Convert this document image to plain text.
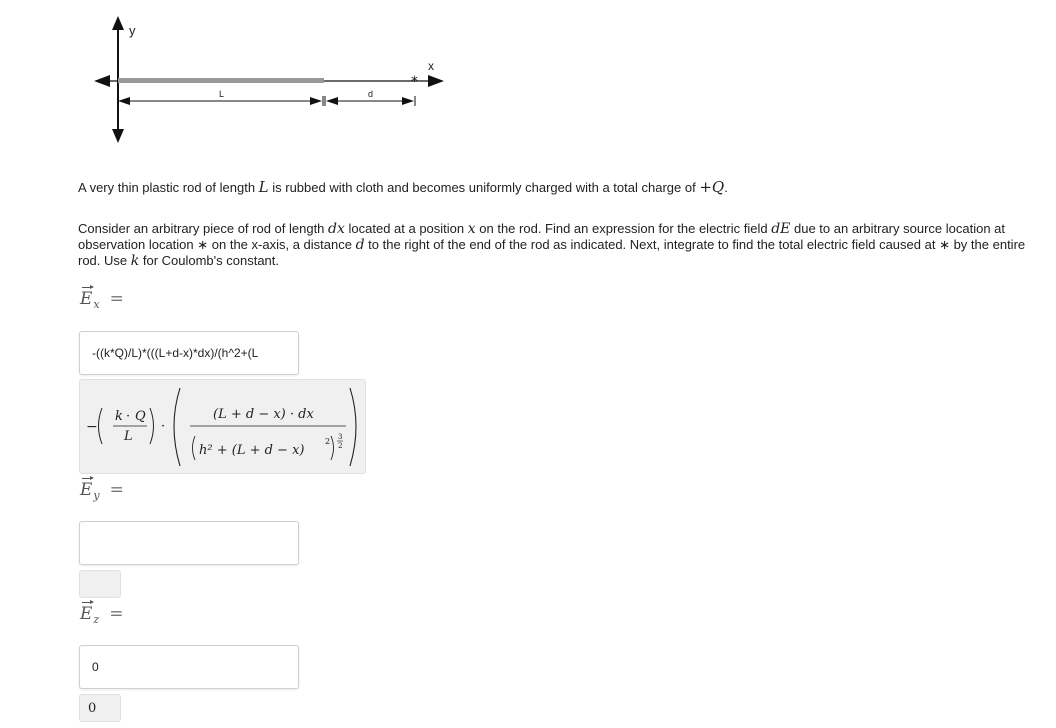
y
x
*
L	d
A very thin plastic rod of length L is rubbed with cloth and becomes uniformly charged with a total charge of +Q.
Consider an arbitrary piece of rod of length dx located at a position x on the rod. Find an expression for the electric field dE due to an arbitrary source location at observation location ∗ on the x-axis, a distance d to the right of the end of the rod as indicated. Next, integrate to find the total electric field caused at ∗ by the entire rod. Use k for Coulomb's constant.
$E_x$ =
-((k*Q)/L)*(((L+d-x)*dx)/(h^2+(L
−
k · Q
L
·
(L + d − x) · dx
h² + (L + d − x)
2 3
2
$E_y$ =
$E_z$ =
0
0
